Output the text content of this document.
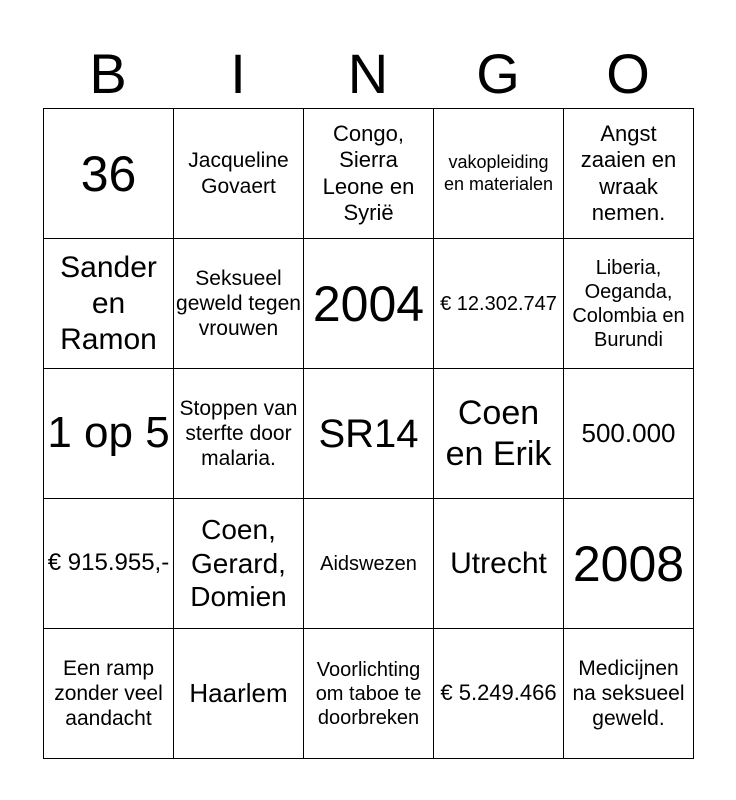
B	I	N	G	O
36	Jacqueline Govaert	Congo, Sierra Leone en Syrië	vakopleiding en materialen	Angst zaaien en wraak nemen.
Sander en Ramon	Seksueel geweld tegen vrouwen	2004	€ 12.302.747	Liberia, Oeganda, Colombia en Burundi
1 op 5	Stoppen van sterfte door malaria.	SR14	Coen en Erik	500.000
€ 915.955,-	Coen, Gerard, Domien	Aidswezen	Utrecht	2008
Een ramp zonder veel aandacht	Haarlem	Voorlichting om taboe te doorbreken	€ 5.249.466	Medicijnen na seksueel geweld.
